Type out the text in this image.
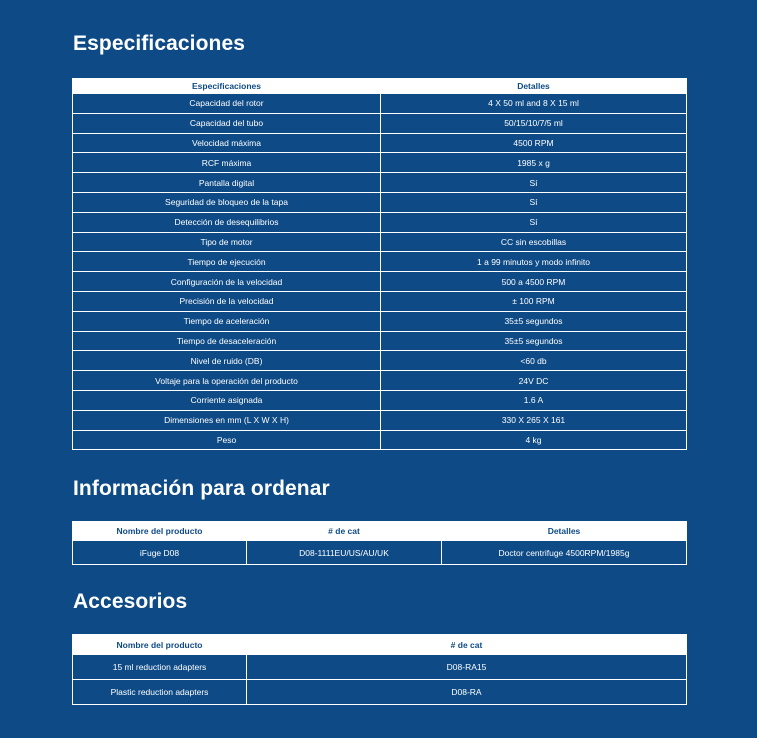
Especificaciones
Especificaciones	Detalles
Capacidad del rotor	4 X 50 ml and 8 X 15 ml
Capacidad del tubo	50/15/10/7/5 ml
Velocidad máxima	4500 RPM
RCF máxima	1985 x g
Pantalla digital	Sí
Seguridad de bloqueo de la tapa	Sí
Detección de desequilibrios	Sí
Tipo de motor	CC sin escobillas
Tiempo de ejecución	1 a 99 minutos y modo infinito
Configuración de la velocidad	500 a 4500 RPM
Precisión de la velocidad	± 100 RPM
Tiempo de aceleración	35±5 segundos
Tiempo de desaceleración	35±5 segundos
Nivel de ruido (DB)	<60 db
Voltaje para la operación del producto	24V DC
Corriente asignada	1.6 A
Dimensiones en mm (L X W X H)	330 X 265 X 161
Peso	4 kg
Información para ordenar
Nombre del producto	# de cat	Detalles
iFuge D08	D08-1111EU/US/AU/UK	Doctor centrifuge 4500RPM/1985g
Accesorios
Nombre del producto	# de cat
15 ml reduction adapters	D08-RA15
Plastic reduction adapters	D08-RA
